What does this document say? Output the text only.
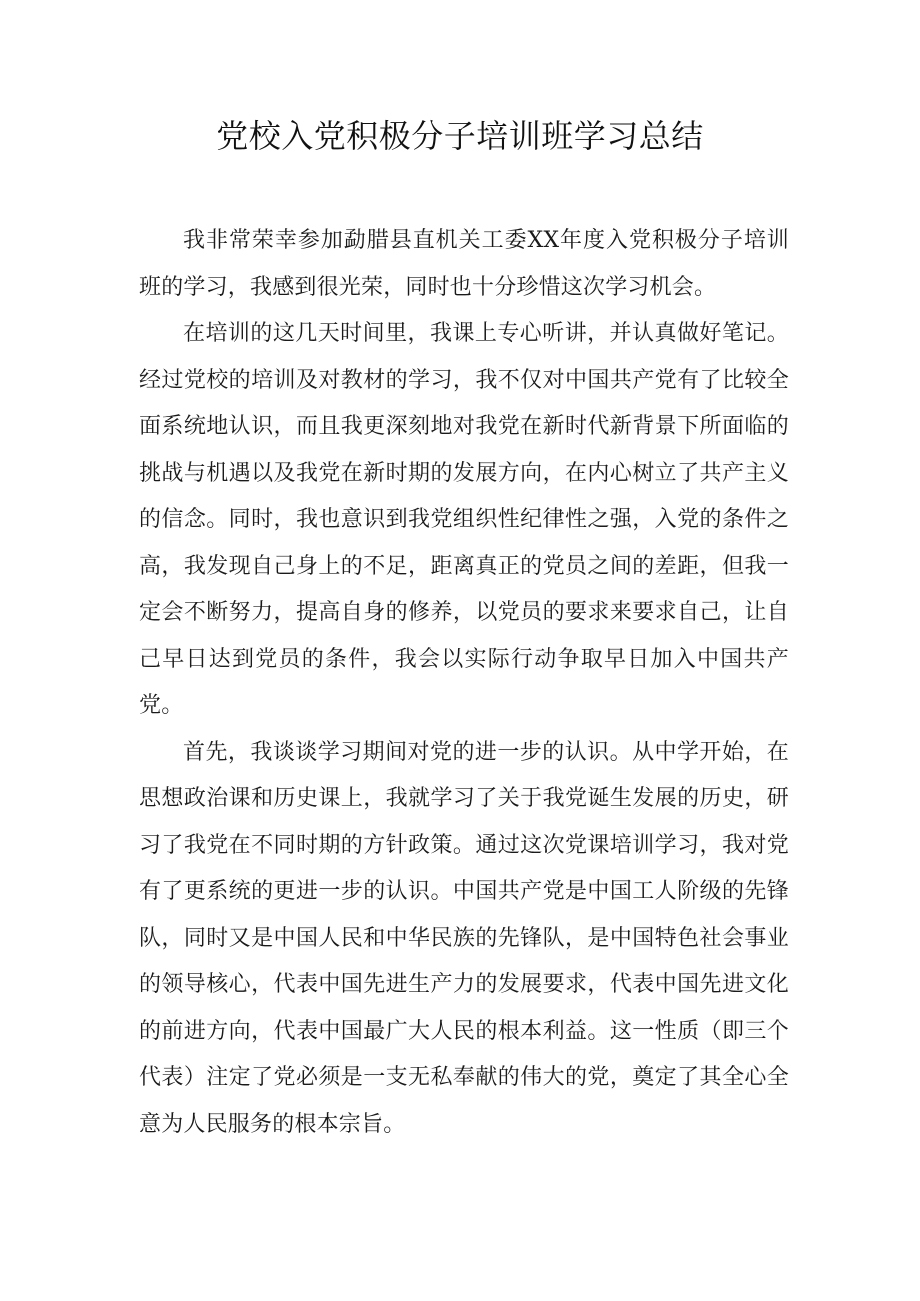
党校入党积极分子培训班学习总结

我非常荣幸参加勐腊县直机关工委XX年度入党积极分子培训班的学习，我感到很光荣，同时也十分珍惜这次学习机会。

在培训的这几天时间里，我课上专心听讲，并认真做好笔记。经过党校的培训及对教材的学习，我不仅对中国共产党有了比较全面系统地认识，而且我更深刻地对我党在新时代新背景下所面临的挑战与机遇以及我党在新时期的发展方向，在内心树立了共产主义的信念。同时，我也意识到我党组织性纪律性之强，入党的条件之高，我发现自己身上的不足，距离真正的党员之间的差距，但我一定会不断努力，提高自身的修养，以党员的要求来要求自己，让自己早日达到党员的条件，我会以实际行动争取早日加入中国共产党。

首先，我谈谈学习期间对党的进一步的认识。从中学开始，在思想政治课和历史课上，我就学习了关于我党诞生发展的历史，研习了我党在不同时期的方针政策。通过这次党课培训学习，我对党有了更系统的更进一步的认识。中国共产党是中国工人阶级的先锋队，同时又是中国人民和中华民族的先锋队，是中国特色社会事业的领导核心，代表中国先进生产力的发展要求，代表中国先进文化的前进方向，代表中国最广大人民的根本利益。这一性质（即三个代表）注定了党必须是一支无私奉献的伟大的党，奠定了其全心全意为人民服务的根本宗旨。
